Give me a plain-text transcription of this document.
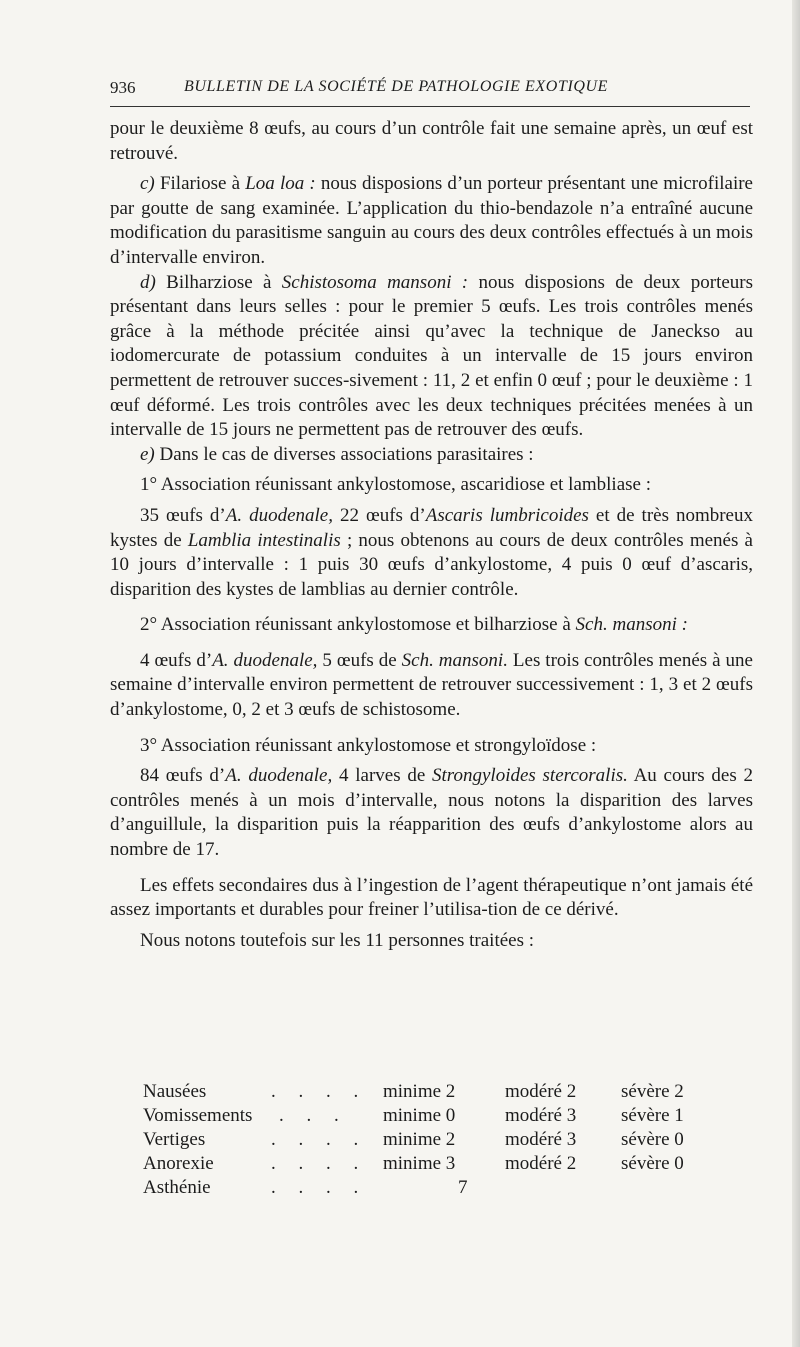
936	BULLETIN DE LA SOCIÉTÉ DE PATHOLOGIE EXOTIQUE

pour le deuxième 8 œufs, au cours d’un contrôle fait une semaine après, un œuf est retrouvé.

c) Filariose à Loa loa : nous disposions d’un porteur présentant une microfilaire par goutte de sang examinée. L’application du thio-bendazole n’a entraîné aucune modification du parasitisme sanguin au cours des deux contrôles effectués à un mois d’intervalle environ.

d) Bilharziose à Schistosoma mansoni : nous disposions de deux porteurs présentant dans leurs selles : pour le premier 5 œufs. Les trois contrôles menés grâce à la méthode précitée ainsi qu’avec la technique de Janeckso au iodomercurate de potassium conduites à un intervalle de 15 jours environ permettent de retrouver succes-sivement : 11, 2 et enfin 0 œuf ; pour le deuxième : 1 œuf déformé. Les trois contrôles avec les deux techniques précitées menées à un intervalle de 15 jours ne permettent pas de retrouver des œufs.

e) Dans le cas de diverses associations parasitaires :

1° Association réunissant ankylostomose, ascaridiose et lambliase :

35 œufs d’A. duodenale, 22 œufs d’Ascaris lumbricoides et de très nombreux kystes de Lamblia intestinalis ; nous obtenons au cours de deux contrôles menés à 10 jours d’intervalle : 1 puis 30 œufs d’ankylostome, 4 puis 0 œuf d’ascaris, disparition des kystes de lamblias au dernier contrôle.

2° Association réunissant ankylostomose et bilharziose à Sch. mansoni :

4 œufs d’A. duodenale, 5 œufs de Sch. mansoni. Les trois contrôles menés à une semaine d’intervalle environ permettent de retrouver successivement : 1, 3 et 2 œufs d’ankylostome, 0, 2 et 3 œufs de schistosome.

3° Association réunissant ankylostomose et strongyloïdose :

84 œufs d’A. duodenale, 4 larves de Strongyloides stercoralis. Au cours des 2 contrôles menés à un mois d’intervalle, nous notons la disparition des larves d’anguillule, la disparition puis la réapparition des œufs d’ankylostome alors au nombre de 17.

Les effets secondaires dus à l’ingestion de l’agent thérapeutique n’ont jamais été assez importants et durables pour freiner l’utilisa-tion de ce dérivé.

Nous notons toutefois sur les 11 personnes traitées :

Nausées	. . . . minime 2	modéré 2 sévère 2
Vomissements . . . minime 0	modéré 3 sévère 1
Vertiges	. . . . minime 2	modéré 3 sévère 0
Anorexie	. . . . minime 3	modéré 2 sévère 0
Asthénie	. . . .	7
